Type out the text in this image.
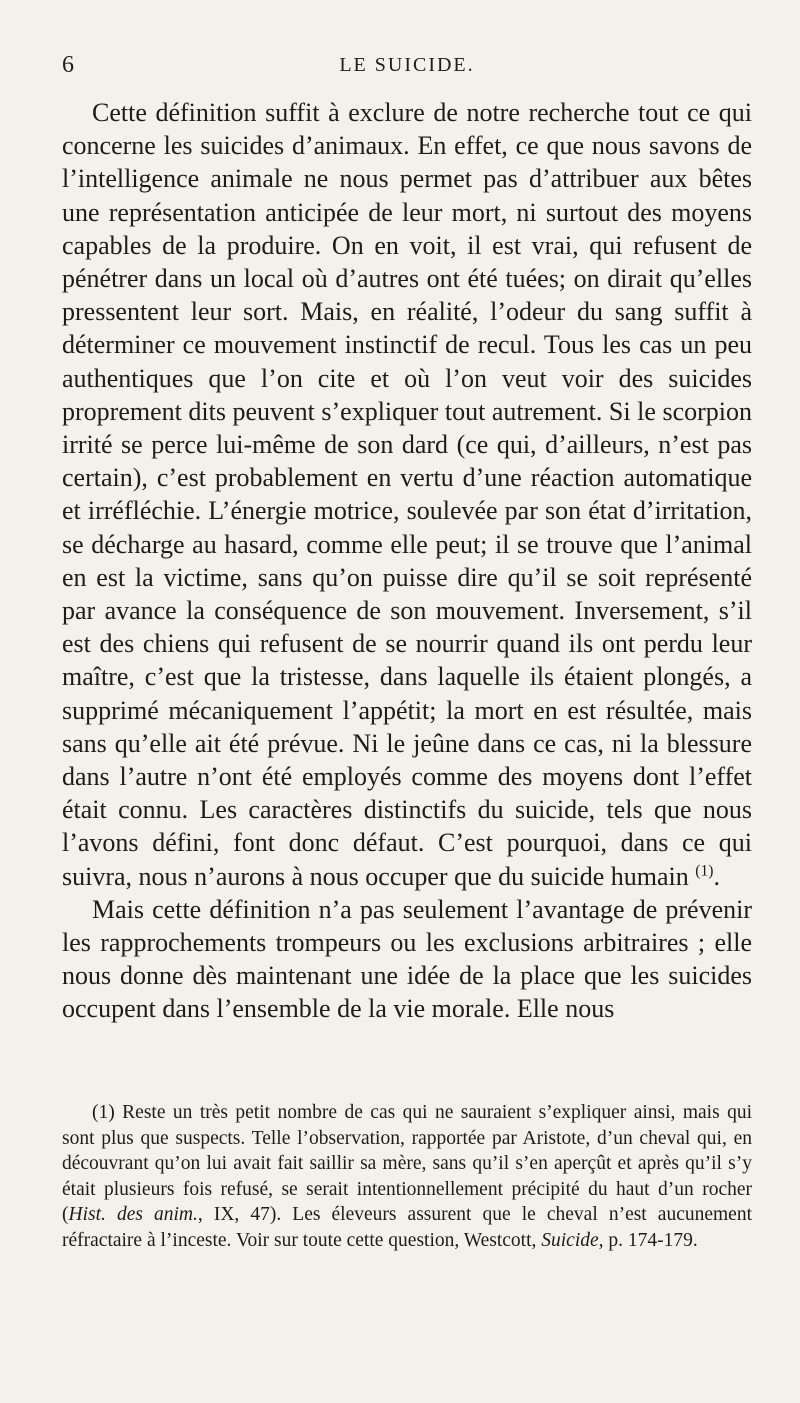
6	LE SUICIDE.

Cette définition suffit à exclure de notre recherche tout ce qui concerne les suicides d’animaux. En effet, ce que nous savons de l’intelligence animale ne nous permet pas d’attribuer aux bêtes une représentation anticipée de leur mort, ni surtout des moyens capables de la produire. On en voit, il est vrai, qui refusent de pénétrer dans un local où d’autres ont été tuées; on dirait qu’elles pressentent leur sort. Mais, en réalité, l’odeur du sang suffit à déterminer ce mouvement instinctif de recul. Tous les cas un peu authentiques que l’on cite et où l’on veut voir des suicides proprement dits peuvent s’expliquer tout autrement. Si le scorpion irrité se perce lui-même de son dard (ce qui, d’ailleurs, n’est pas certain), c’est probablement en vertu d’une réaction automatique et irréfléchie. L’énergie motrice, soulevée par son état d’irritation, se décharge au hasard, comme elle peut; il se trouve que l’animal en est la victime, sans qu’on puisse dire qu’il se soit représenté par avance la conséquence de son mouvement. Inversement, s’il est des chiens qui refusent de se nourrir quand ils ont perdu leur maître, c’est que la tristesse, dans laquelle ils étaient plongés, a supprimé mécaniquement l’appétit; la mort en est résultée, mais sans qu’elle ait été prévue. Ni le jeûne dans ce cas, ni la blessure dans l’autre n’ont été employés comme des moyens dont l’effet était connu. Les caractères distinctifs du suicide, tels que nous l’avons défini, font donc défaut. C’est pourquoi, dans ce qui suivra, nous n’aurons à nous occuper que du suicide humain $^{(1)}$.

Mais cette définition n’a pas seulement l’avantage de prévenir les rapprochements trompeurs ou les exclusions arbitraires ; elle nous donne dès maintenant une idée de la place que les suicides occupent dans l’ensemble de la vie morale. Elle nous

(1) Reste un très petit nombre de cas qui ne sauraient s’expliquer ainsi, mais qui sont plus que suspects. Telle l’observation, rapportée par Aristote, d’un cheval qui, en découvrant qu’on lui avait fait saillir sa mère, sans qu’il s’en aperçût et après qu’il s’y était plusieurs fois refusé, se serait intentionnellement précipité du haut d’un rocher (Hist. des anim., IX, 47). Les éleveurs assurent que le cheval n’est aucunement réfractaire à l’inceste. Voir sur toute cette question, Westcott, Suicide, p. 174-179.
